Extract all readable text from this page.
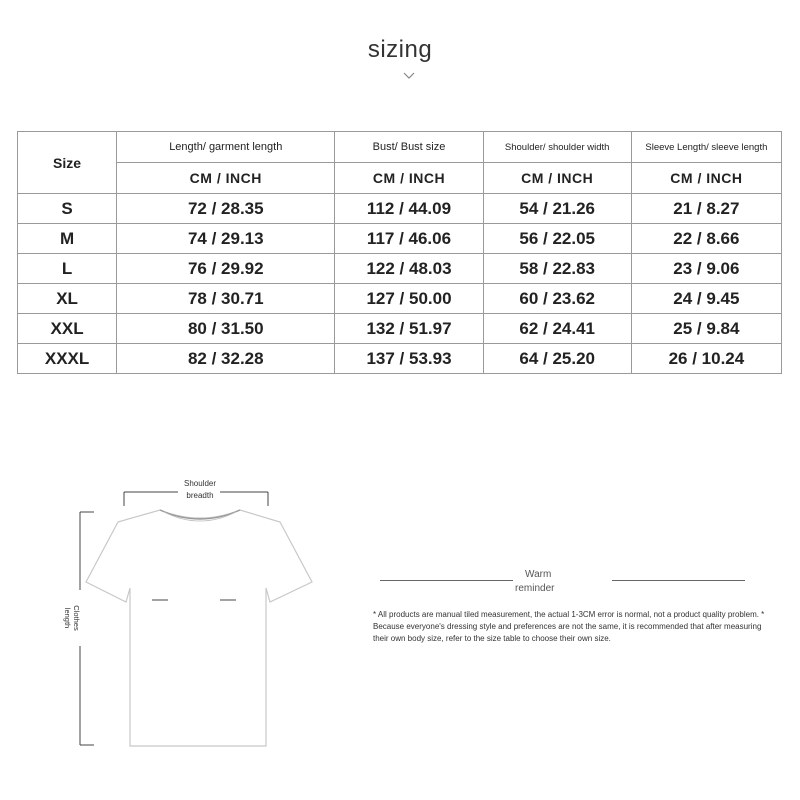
sizing
Size	Length/ garment length	Bust/ Bust size	Shoulder/ shoulder width	Sleeve Length/ sleeve length
	CM / INCH	CM / INCH	CM / INCH	CM / INCH
S	72 / 28.35	112 / 44.09	54 / 21.26	21 / 8.27
M	74 / 29.13	117 / 46.06	56 / 22.05	22 / 8.66
L	76 / 29.92	122 / 48.03	58 / 22.83	23 / 9.06
XL	78 / 30.71	127 / 50.00	60 / 23.62	24 / 9.45
XXL	80 / 31.50	132 / 51.97	62 / 24.41	25 / 9.84
XXXL	82 / 32.28	137 / 53.93	64 / 25.20	26 / 10.24
Shoulder
breadth
Clothes
length
Warm
reminder
* All products are manual tiled measurement, the actual 1-3CM error is normal, not a product quality problem. * Because everyone's dressing style and preferences are not the same, it is recommended that after measuring their own body size, refer to the size table to choose their own size.
